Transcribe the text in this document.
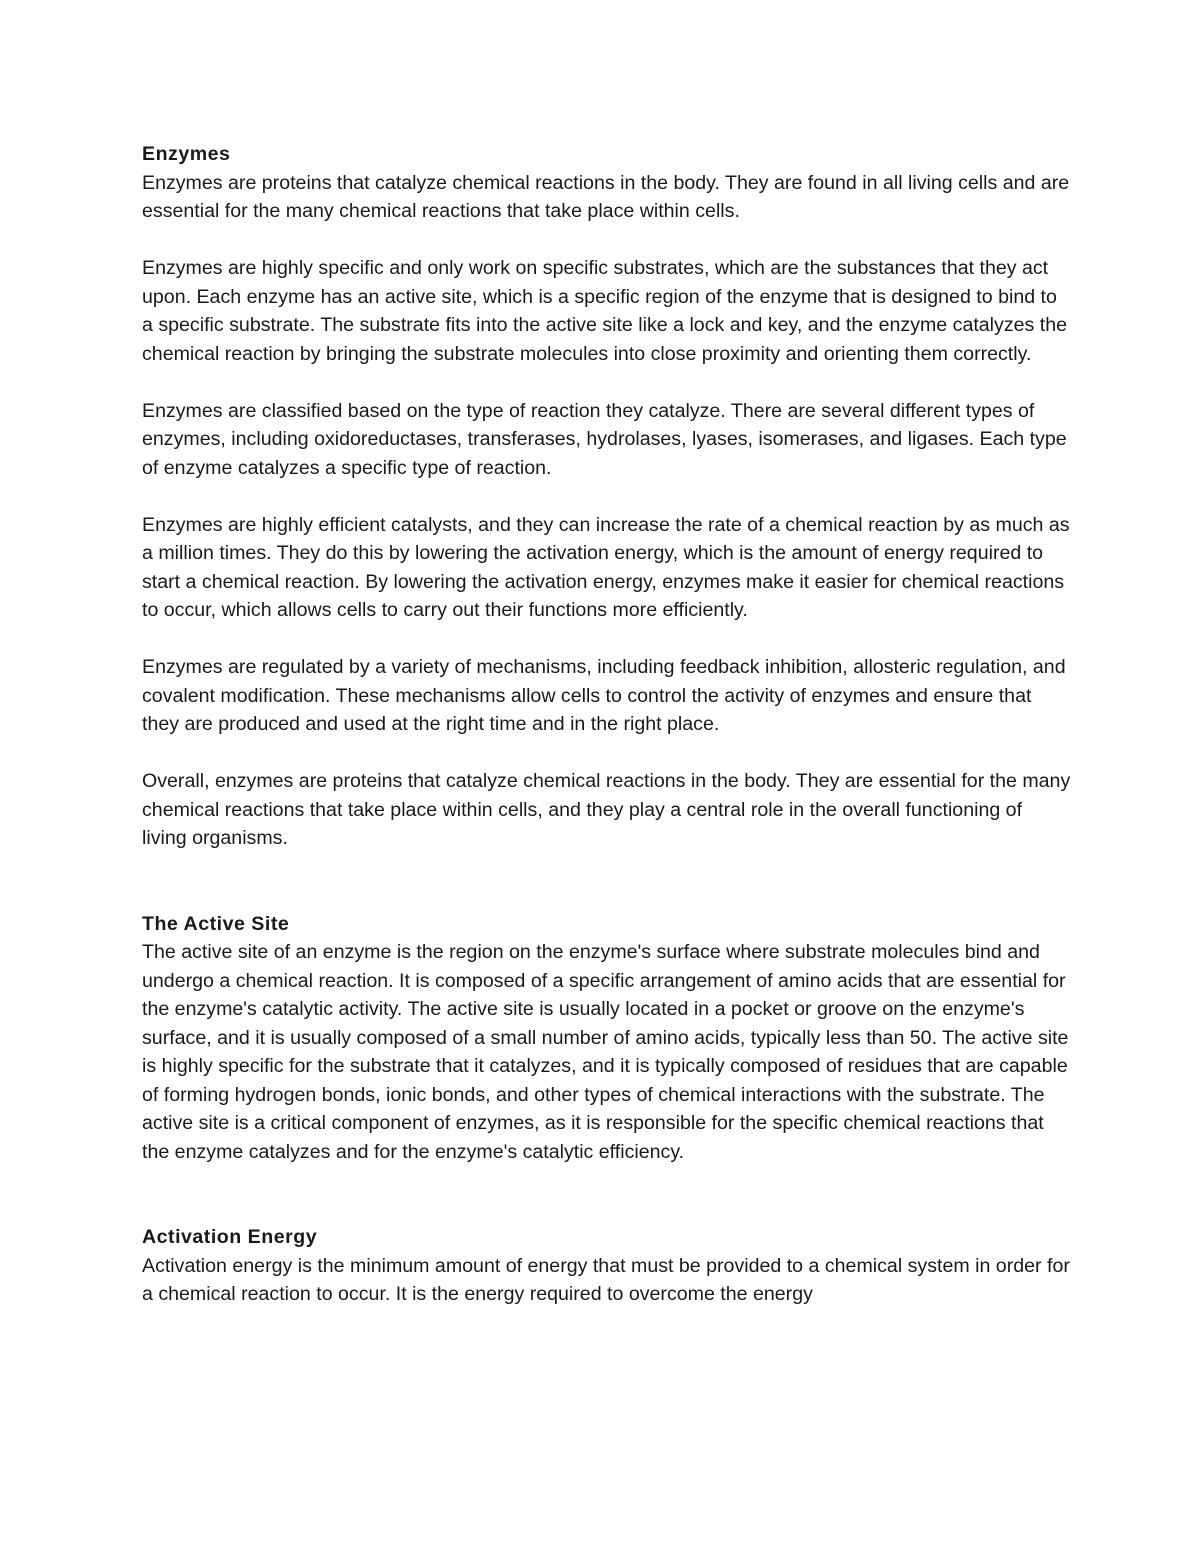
Enzymes

Enzymes are proteins that catalyze chemical reactions in the body. They are found in all living cells and are essential for the many chemical reactions that take place within cells.

Enzymes are highly specific and only work on specific substrates, which are the substances that they act upon. Each enzyme has an active site, which is a specific region of the enzyme that is designed to bind to a specific substrate. The substrate fits into the active site like a lock and key, and the enzyme catalyzes the chemical reaction by bringing the substrate molecules into close proximity and orienting them correctly.

Enzymes are classified based on the type of reaction they catalyze. There are several different types of enzymes, including oxidoreductases, transferases, hydrolases, lyases, isomerases, and ligases. Each type of enzyme catalyzes a specific type of reaction.

Enzymes are highly efficient catalysts, and they can increase the rate of a chemical reaction by as much as a million times. They do this by lowering the activation energy, which is the amount of energy required to start a chemical reaction. By lowering the activation energy, enzymes make it easier for chemical reactions to occur, which allows cells to carry out their functions more efficiently.

Enzymes are regulated by a variety of mechanisms, including feedback inhibition, allosteric regulation, and covalent modification. These mechanisms allow cells to control the activity of enzymes and ensure that they are produced and used at the right time and in the right place.

Overall, enzymes are proteins that catalyze chemical reactions in the body. They are essential for the many chemical reactions that take place within cells, and they play a central role in the overall functioning of living organisms.

The Active Site

The active site of an enzyme is the region on the enzyme's surface where substrate molecules bind and undergo a chemical reaction. It is composed of a specific arrangement of amino acids that are essential for the enzyme's catalytic activity. The active site is usually located in a pocket or groove on the enzyme's surface, and it is usually composed of a small number of amino acids, typically less than 50. The active site is highly specific for the substrate that it catalyzes, and it is typically composed of residues that are capable of forming hydrogen bonds, ionic bonds, and other types of chemical interactions with the substrate. The active site is a critical component of enzymes, as it is responsible for the specific chemical reactions that the enzyme catalyzes and for the enzyme's catalytic efficiency.

Activation Energy

Activation energy is the minimum amount of energy that must be provided to a chemical system in order for a chemical reaction to occur. It is the energy required to overcome the energy
